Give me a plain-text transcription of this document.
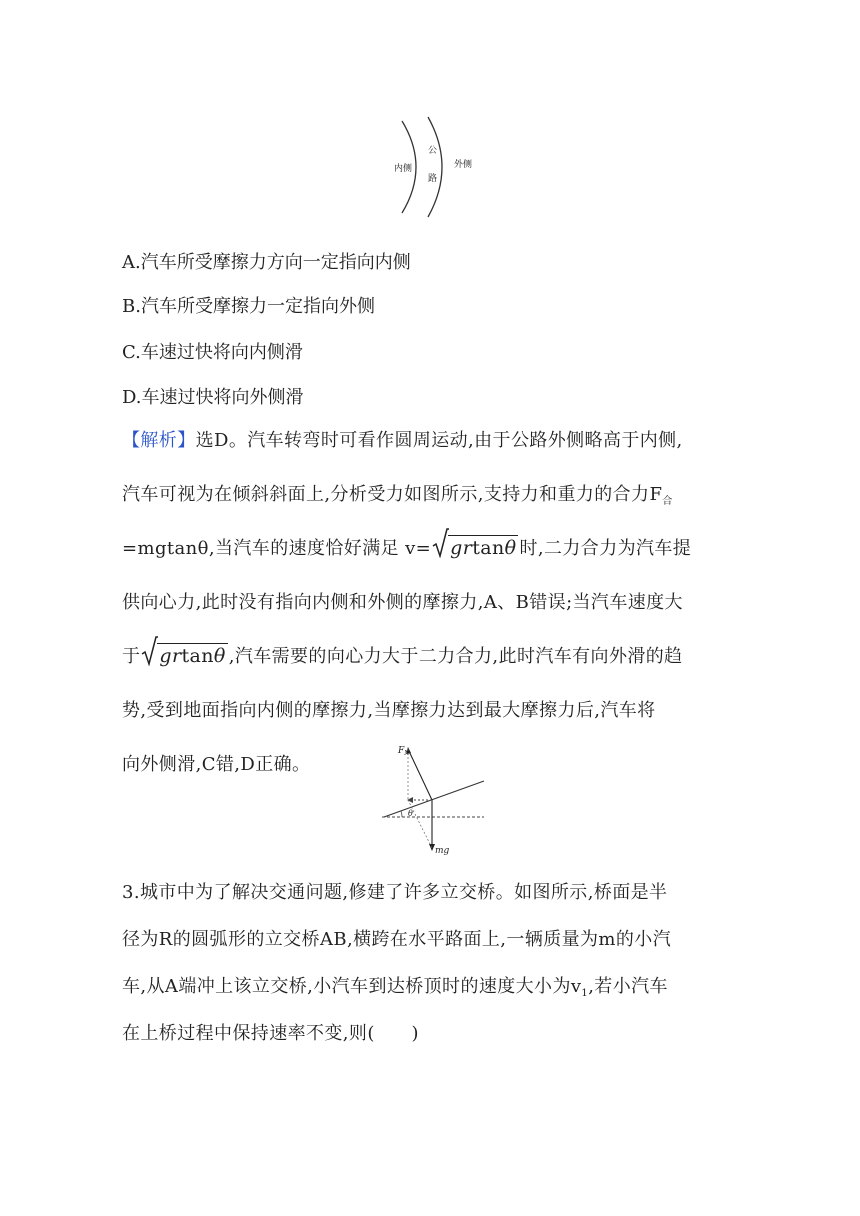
内侧
公
路
外侧
A.汽车所受摩擦力方向一定指向内侧
B.汽车所受摩擦力一定指向外侧
C.车速过快将向内侧滑
D.车速过快将向外侧滑
【解析】选D。汽车转弯时可看作圆周运动,由于公路外侧略高于内侧,
汽车可视为在倾斜斜面上,分析受力如图所示,支持力和重力的合力$F_合$
=mgtanθ,当汽车的速度恰好满足 v= grtanθ 时,二力合力为汽车提
供向心力,此时没有指向内侧和外侧的摩擦力,A、B错误;当汽车速度大
于 grtanθ ,汽车需要的向心力大于二力合力,此时汽车有向外滑的趋
势,受到地面指向内侧的摩擦力,当摩擦力达到最大摩擦力后,汽车将
向外侧滑,C错,D正确。
$F_N$
θ
mg
3.城市中为了解决交通问题,修建了许多立交桥。如图所示,桥面是半
径为R的圆弧形的立交桥AB,横跨在水平路面上,一辆质量为m的小汽
车,从A端冲上该立交桥,小汽车到达桥顶时的速度大小为$v_1$,若小汽车
在上桥过程中保持速率不变,则(　　)
